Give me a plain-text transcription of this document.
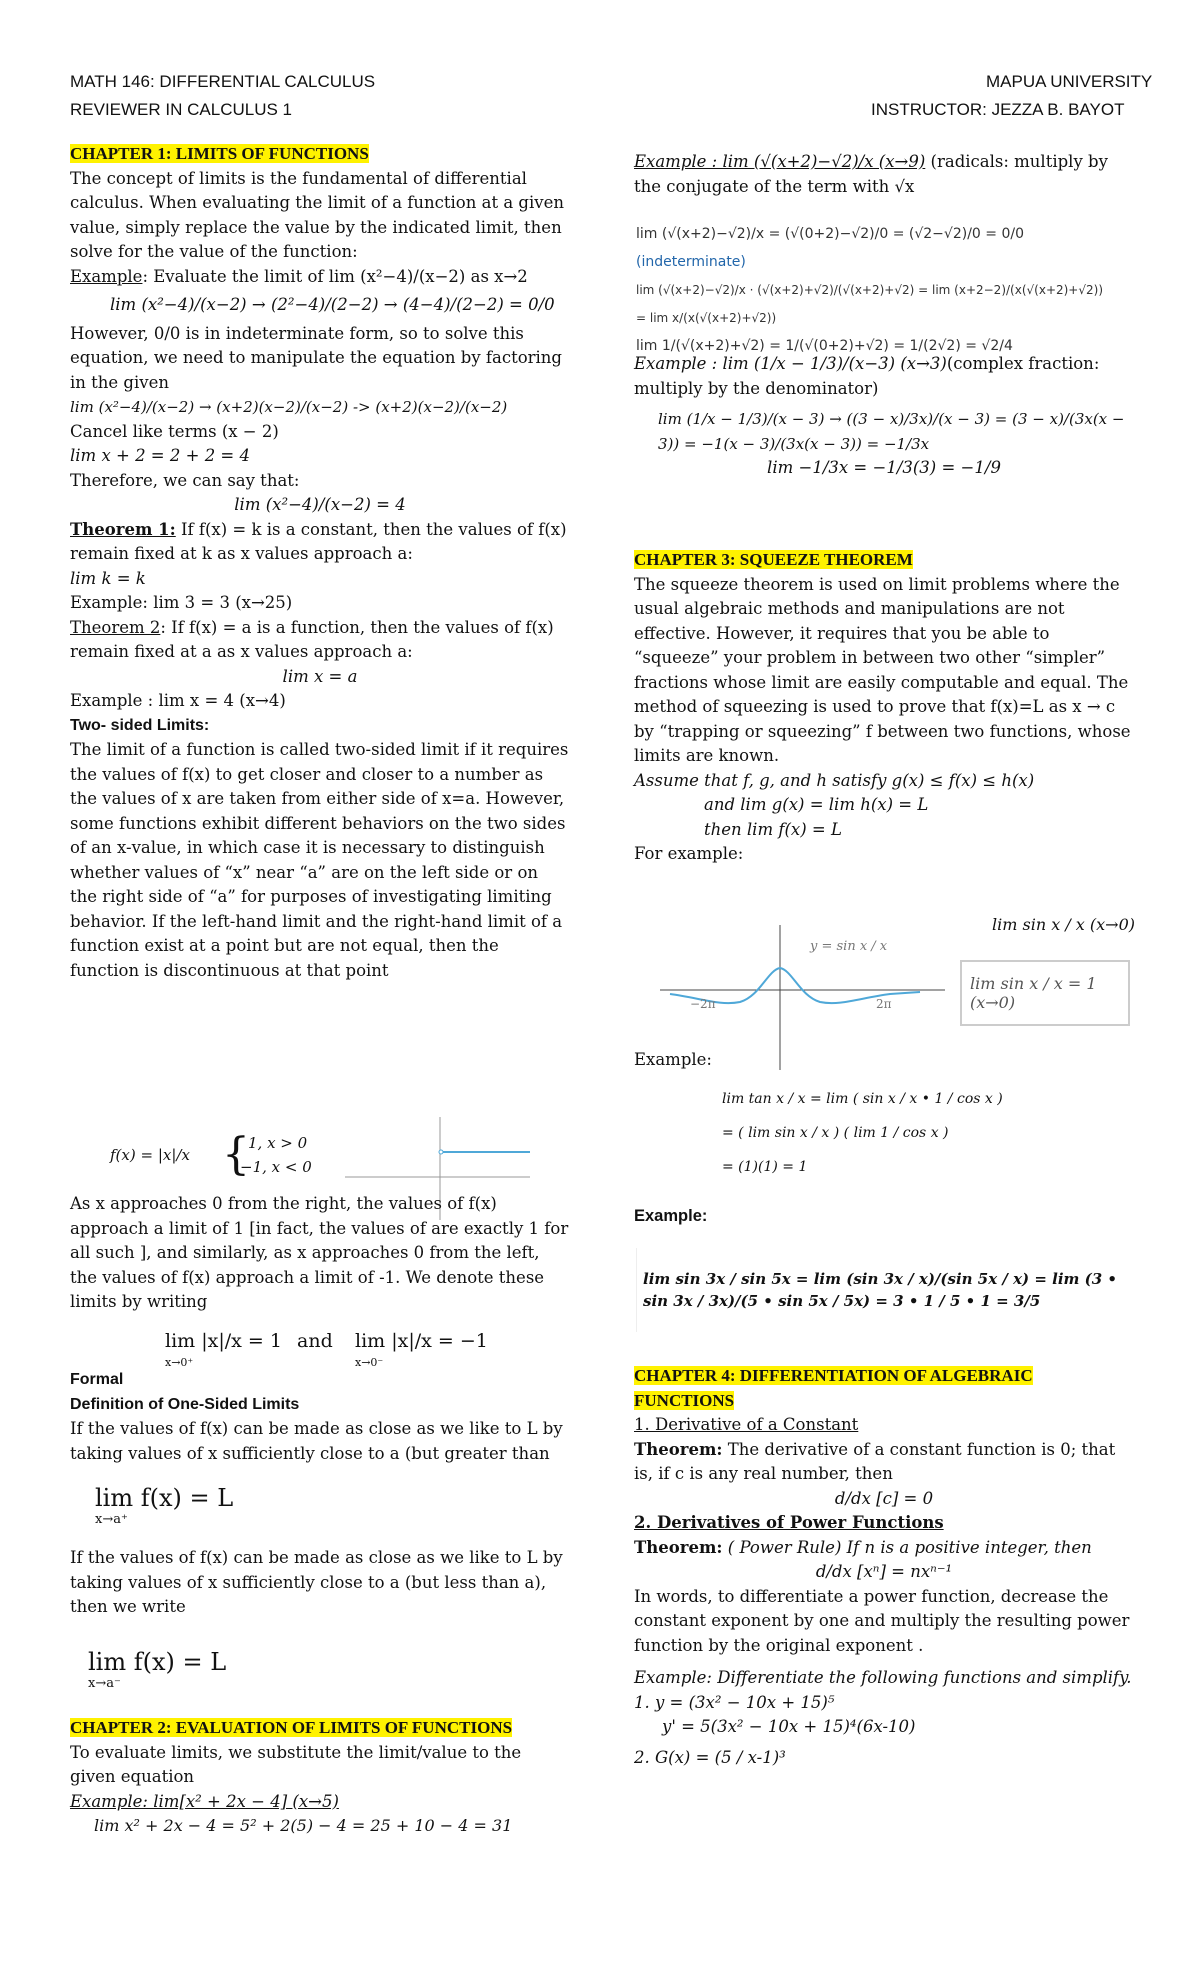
MATH 146: DIFFERENTIAL CALCULUS
REVIEWER IN CALCULUS 1
MAPUA UNIVERSITY
INSTRUCTOR: JEZZA B. BAYOT

CHAPTER 1: LIMITS OF FUNCTIONS

The concept of limits is the fundamental of differential calculus. When evaluating the limit of a function at a given value, simply replace the value by the indicated limit, then solve for the value of the function:

Example: Evaluate the limit of lim (x²−4)/(x−2) as x→2

lim (x²−4)/(x−2) → (2²−4)/(2−2) → (4−4)/(2−2) = 0/0

However, 0/0 is in indeterminate form, so to solve this equation, we need to manipulate the equation by factoring in the given

lim (x²−4)/(x−2) → (x+2)(x−2)/(x−2) -> (x+2)(x−2)/(x−2)

Cancel like terms (x − 2)

lim x + 2 = 2 + 2 = 4

Therefore, we can say that:

lim (x²−4)/(x−2) = 4

Theorem 1: If f(x) = k is a constant, then the values of f(x) remain fixed at k as x values approach a:

lim k = k

Example: lim 3 = 3 (x→25)

Theorem 2: If f(x) = a is a function, then the values of f(x) remain fixed at a as x values approach a:

lim x = a

Example : lim x = 4 (x→4)

Two- sided Limits:

The limit of a function is called two-sided limit if it requires the values of f(x) to get closer and closer to a number as the values of x are taken from either side of x=a. However, some functions exhibit different behaviors on the two sides of an x-value, in which case it is necessary to distinguish whether values of “x” near “a” are on the left side or on the right side of “a” for purposes of investigating limiting behavior. If the left-hand limit and the right-hand limit of a function exist at a point but are not equal, then the function is discontinuous at that point

f(x) = |x|/x {
1, x > 0
−1, x < 0

As x approaches 0 from the right, the values of f(x) approach a limit of 1 [in fact, the values of are exactly 1 for all such ], and similarly, as x approaches 0 from the left, the values of f(x) approach a limit of -1. We denote these limits by writing

lim |x|/x = 1
x→0⁺
and lim |x|/x = −1
x→0⁻

Formal

Definition of One-Sided Limits

If the values of f(x) can be made as close as we like to L by taking values of x sufficiently close to a (but greater than

lim f(x) = L
x→a⁺

If the values of f(x) can be made as close as we like to L by taking values of x sufficiently close to a (but less than a), then we write

lim f(x) = L
x→a⁻

CHAPTER 2: EVALUATION OF LIMITS OF FUNCTIONS

To evaluate limits, we substitute the limit/value to the given equation

Example: lim[x² + 2x − 4] (x→5)

lim x² + 2x − 4 = 5² + 2(5) − 4 = 25 + 10 − 4 = 31

Example : lim (√(x+2)−√2)/x (x→9) (radicals: multiply by the conjugate of the term with √x

lim (√(x+2)−√2)/x = (√(0+2)−√2)/0 = (√2−√2)/0 = 0/0 (indeterminate)
lim (√(x+2)−√2)/x · (√(x+2)+√2)/(√(x+2)+√2) = lim (x+2−2)/(x(√(x+2)+√2)) = lim x/(x(√(x+2)+√2))
lim 1/(√(x+2)+√2) = 1/(√(0+2)+√2) = 1/(2√2) = √2/4

Example : lim (1/x − 1/3)/(x−3) (x→3)(complex fraction: multiply by the denominator)

lim (1/x − 1/3)/(x − 3) → ((3 − x)/3x)/(x − 3) = (3 − x)/(3x(x − 3)) = −1(x − 3)/(3x(x − 3)) = −1/3x

lim −1/3x = −1/3(3) = −1/9

CHAPTER 3: SQUEEZE THEOREM

The squeeze theorem is used on limit problems where the usual algebraic methods and manipulations are not effective. However, it requires that you be able to “squeeze” your problem in between two other “simpler” fractions whose limit are easily computable and equal. The method of squeezing is used to prove that f(x)=L as x → c by “trapping or squeezing” f between two functions, whose limits are known.

Assume that f, g, and h satisfy g(x) ≤ f(x) ≤ h(x)

and lim g(x) = lim h(x) = L

then lim f(x) = L

For example:

−2π	2π
y = sin x / x
lim sin x / x (x→0)
lim sin x / x = 1 (x→0)

Example:

lim tan x / x = lim ( sin x / x • 1 / cos x )
= ( lim sin x / x ) ( lim 1 / cos x )
= (1)(1) = 1

Example:

lim sin 3x / sin 5x = lim (sin 3x / x)/(sin 5x / x) = lim (3 • sin 3x / 3x)/(5 • sin 5x / 5x) = 3 • 1 / 5 • 1 = 3/5

CHAPTER 4: DIFFERENTIATION OF ALGEBRAIC FUNCTIONS

1. Derivative of a Constant

Theorem: The derivative of a constant function is 0; that is, if c is any real number, then

d/dx [c] = 0

2. Derivatives of Power Functions

Theorem: ( Power Rule) If n is a positive integer, then

d/dx [xⁿ] = nxⁿ⁻¹

In words, to differentiate a power function, decrease the constant exponent by one and multiply the resulting power function by the original exponent .

Example: Differentiate the following functions and simplify.

1. y = (3x² − 10x + 15)⁵

y' = 5(3x² − 10x + 15)⁴(6x-10)

2. G(x) = (5 / x-1)³
